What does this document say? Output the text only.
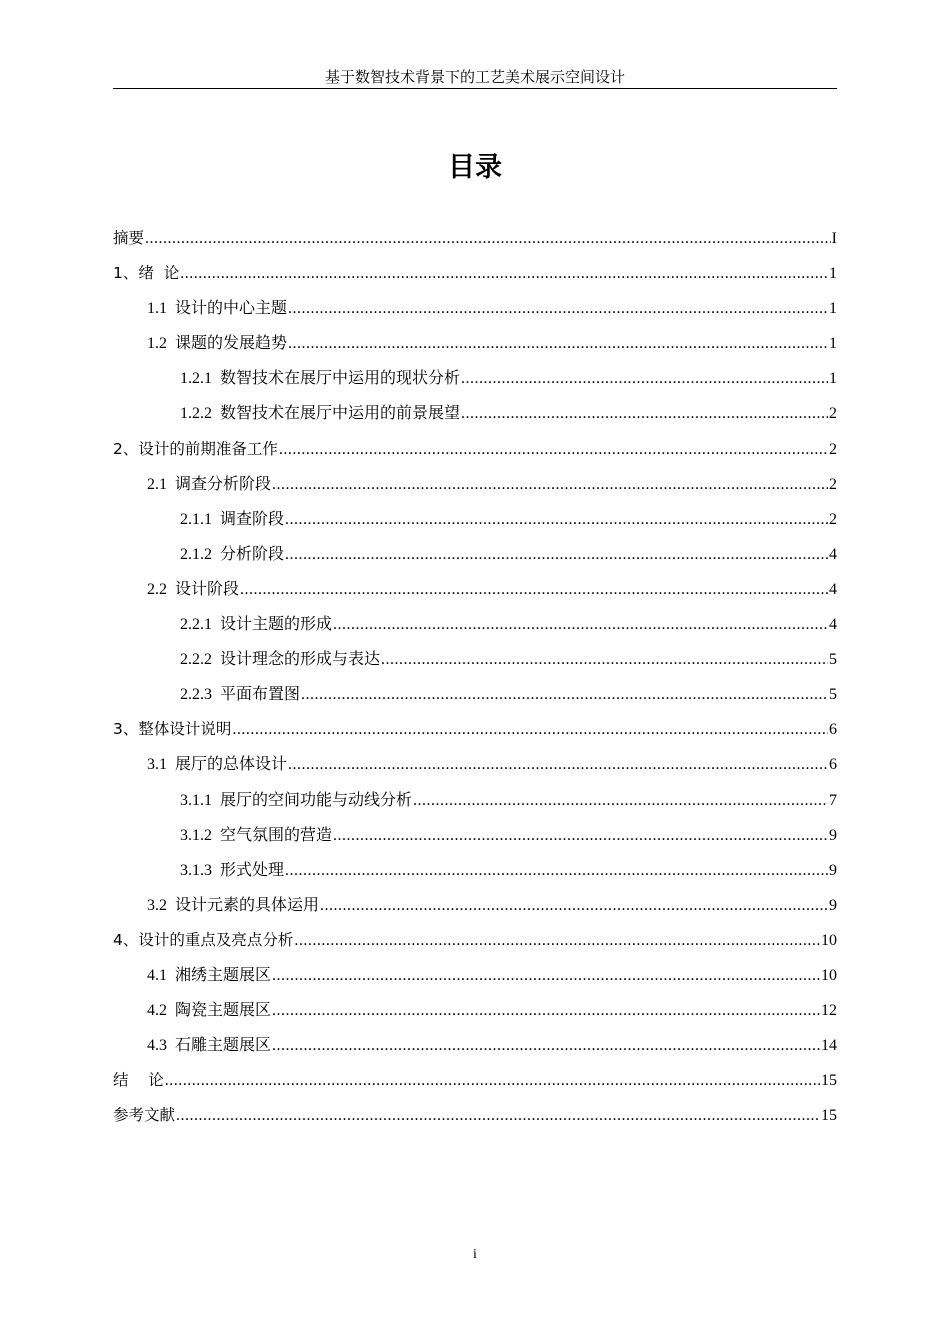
基于数智技术背景下的工艺美术展示空间设计
目录
摘要 .....	I
1、绪  论 .....	1
1.1 设计的中心主题 .....	1
1.2 课题的发展趋势 .....	1
1.2.1 数智技术在展厅中运用的现状分析 .....	1
1.2.2 数智技术在展厅中运用的前景展望 .....	2
2、设计的前期准备工作 .....	2
2.1 调查分析阶段 .....	2
2.1.1 调查阶段 .....	2
2.1.2 分析阶段 .....	4
2.2 设计阶段 .....	4
2.2.1 设计主题的形成 .....	4
2.2.2 设计理念的形成与表达 .....	5
2.2.3 平面布置图 .....	5
3、整体设计说明 .....	6
3.1 展厅的总体设计 .....	6
3.1.1 展厅的空间功能与动线分析 .....	7
3.1.2 空气氛围的营造 .....	9
3.1.3 形式处理 .....	9
3.2 设计元素的具体运用 .....	9
4、设计的重点及亮点分析 .....	10
4.1 湘绣主题展区 .....	10
4.2 陶瓷主题展区 .....	12
4.3 石雕主题展区 .....	14
结    论 .....	15
参考文献 .....	15
i
